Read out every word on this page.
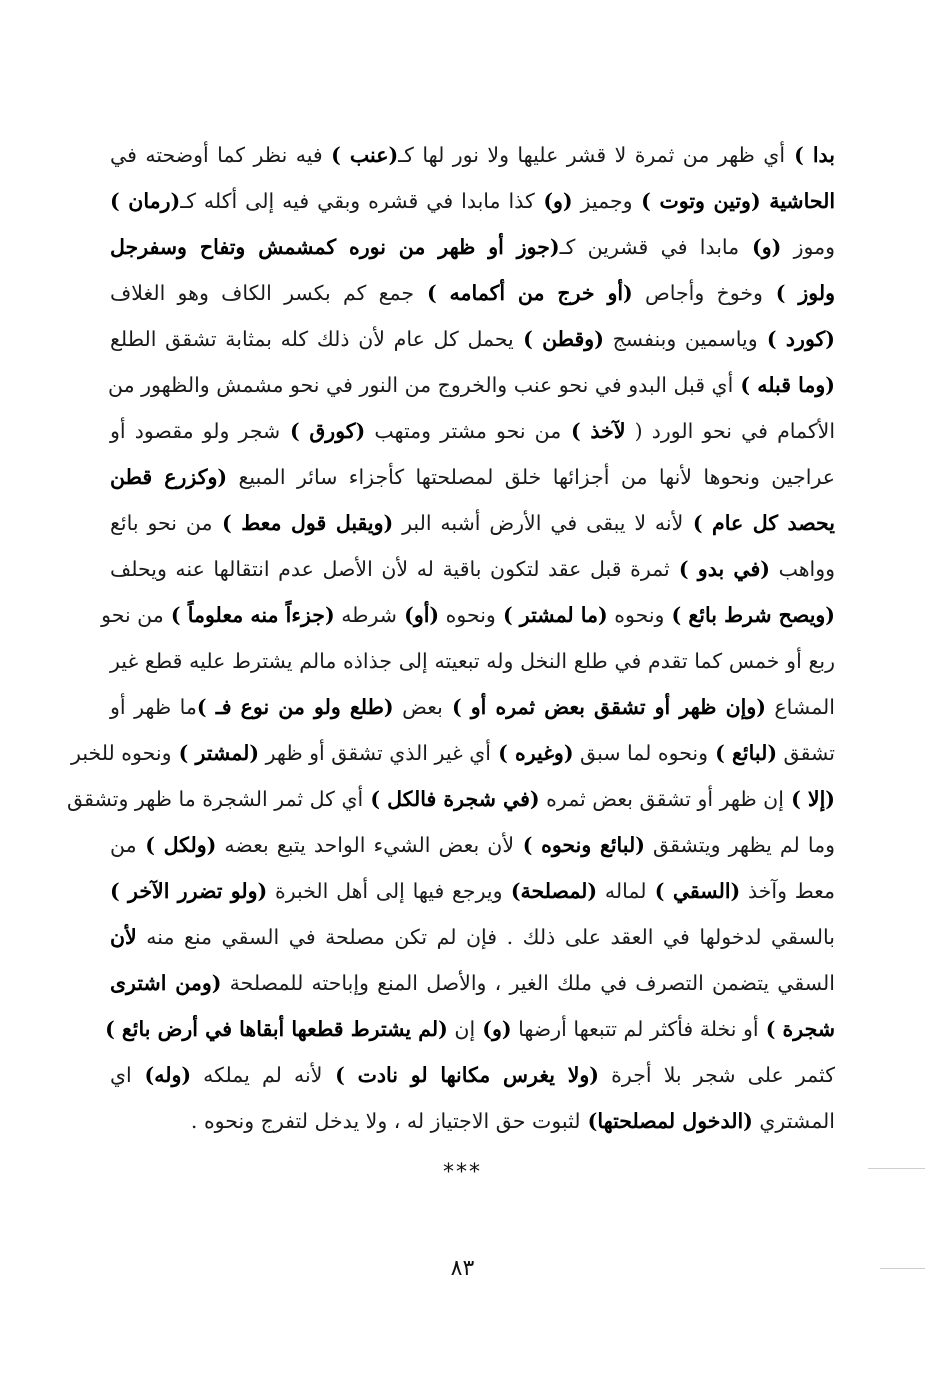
بدا ) أي ظهر من ثمرة لا قشر عليها ولا نور لها كـ(عنب ) فيه نظر كما أوضحته في
الحاشية (وتين وتوت ) وجميز (و) كذا مابدا في قشره وبقي فيه إلى أكله كـ(رمان )
وموز (و) مابدا في قشرين كـ(جوز أو ظهر من نوره كمشمش وتفاح وسفرجل
ولوز ) وخوخ وأجاص (أو خرج من أكمامه ) جمع كم بكسر الكاف وهو الغلاف
(كورد ) وياسمين وبنفسج (وقطن ) يحمل كل عام لأن ذلك كله بمثابة تشقق الطلع
(وما قبله ) أي قبل البدو في نحو عنب والخروج من النور في نحو مشمش والظهور من
الأكمام في نحو الورد ( لآخذ ) من نحو مشتر ومتهب (كورق ) شجر ولو مقصود أو
عراجين ونحوها لأنها من أجزائها خلق لمصلحتها كأجزاء سائر المبيع (وكزرع قطن
يحصد كل عام ) لأنه لا يبقى في الأرض أشبه البر (ويقبل قول معط ) من نحو بائع
وواهب (في بدو ) ثمرة قبل عقد لتكون باقية له لأن الأصل عدم انتقالها عنه ويحلف
(ويصح شرط بائع ) ونحوه (ما لمشتر ) ونحوه (أو) شرطه (جزءاً منه معلوماً ) من نحو
ربع أو خمس كما تقدم في طلع النخل وله تبعيته إلى جذاذه مالم يشترط عليه قطع غير
المشاع (وإن ظهر أو تشقق بعض ثمره أو ) بعض (طلع ولو من نوع فـ )ما ظهر أو
تشقق (لبائع ) ونحوه لما سبق (وغيره ) أي غير الذي تشقق أو ظهر (لمشتر ) ونحوه للخبر
(إلا ) إن ظهر أو تشقق بعض ثمره (في شجرة فالكل ) أي كل ثمر الشجرة ما ظهر وتشقق
وما لم يظهر ويتشقق (لبائع ونحوه ) لأن بعض الشيء الواحد يتبع بعضه (ولكل ) من
معط وآخذ (السقي ) لماله (لمصلحة) ويرجع فيها إلى أهل الخبرة (ولو تضرر الآخر )
بالسقي لدخولها في العقد على ذلك . فإن لم تكن مصلحة في السقي منع منه لأن
السقي يتضمن التصرف في ملك الغير ، والأصل المنع وإباحته للمصلحة (ومن اشترى
شجرة ) أو نخلة فأكثر لم تتبعها أرضها (و) إن (لم يشترط قطعها أبقاها في أرض بائع )
كثمر على شجر بلا أجرة (ولا يغرس مكانها لو نادت ) لأنه لم يملكه (وله) اي
المشتري (الدخول لمصلحتها) لثبوت حق الاجتياز له ، ولا يدخل لتفرج ونحوه .
***
٨٣
